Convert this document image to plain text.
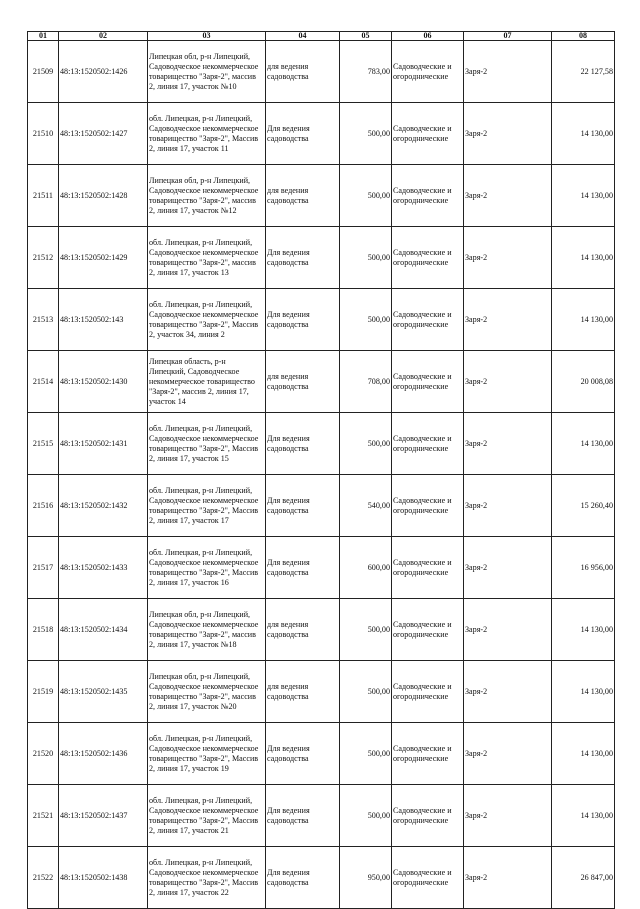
01	02	03	04	05	06	07	08
21509	48:13:1520502:1426	Липецкая обл, р-н Липецкий, Садоводческое некоммерческое товарищество "Заря-2", массив 2, линия 17, участок №10	для ведения садоводства	783,00	Садоводческие и огороднические	Заря-2	22 127,58
21510	48:13:1520502:1427	обл. Липецкая, р-н Липецкий, Садоводческое некоммерческое товарищество "Заря-2", Массив 2, линия 17, участок 11	Для ведения садоводства	500,00	Садоводческие и огороднические	Заря-2	14 130,00
21511	48:13:1520502:1428	Липецкая обл, р-н Липецкий, Садоводческое некоммерческое товарищество "Заря-2", массив 2, линия 17, участок №12	для ведения садоводства	500,00	Садоводческие и огороднические	Заря-2	14 130,00
21512	48:13:1520502:1429	обл. Липецкая, р-н Липецкий, Садоводческое некоммерческое товарищество "Заря-2", массив 2, линия 17, участок 13	Для ведения садоводства	500,00	Садоводческие и огороднические	Заря-2	14 130,00
21513	48:13:1520502:143	обл. Липецкая, р-н Липецкий, Садоводческое некоммерческое товарищество "Заря-2", Массив 2, участок 34, линия 2	Для ведения садоводства	500,00	Садоводческие и огороднические	Заря-2	14 130,00
21514	48:13:1520502:1430	Липецкая область, р-н Липецкий, Садоводческое некоммерческое товарищество "Заря-2", массив 2, линия 17, участок 14	для ведения садоводства	708,00	Садоводческие и огороднические	Заря-2	20 008,08
21515	48:13:1520502:1431	обл. Липецкая, р-н Липецкий, Садоводческое некоммерческое товарищество "Заря-2", Массив 2, линия 17, участок 15	Для ведения садоводства	500,00	Садоводческие и огороднические	Заря-2	14 130,00
21516	48:13:1520502:1432	обл. Липецкая, р-н Липецкий, Садоводческое некоммерческое товарищество "Заря-2", Массив 2, линия 17, участок 17	Для ведения садоводства	540,00	Садоводческие и огороднические	Заря-2	15 260,40
21517	48:13:1520502:1433	обл. Липецкая, р-н Липецкий, Садоводческое некоммерческое товарищество "Заря-2", Массив 2, линия 17, участок 16	Для ведения садоводства	600,00	Садоводческие и огороднические	Заря-2	16 956,00
21518	48:13:1520502:1434	Липецкая обл, р-н Липецкий, Садоводческое некоммерческое товарищество "Заря-2", массив 2, линия 17, участок №18	для ведения садоводства	500,00	Садоводческие и огороднические	Заря-2	14 130,00
21519	48:13:1520502:1435	Липецкая обл, р-н Липецкий, Садоводческое некоммерческое товарищество "Заря-2", массив 2, линия 17, участок №20	для ведения садоводства	500,00	Садоводческие и огороднические	Заря-2	14 130,00
21520	48:13:1520502:1436	обл. Липецкая, р-н Липецкий, Садоводческое некоммерческое товарищество "Заря-2", Массив 2, линия 17, участок 19	Для ведения садоводства	500,00	Садоводческие и огороднические	Заря-2	14 130,00
21521	48:13:1520502:1437	обл. Липецкая, р-н Липецкий, Садоводческое некоммерческое товарищество "Заря-2", Массив 2, линия 17, участок 21	Для ведения садоводства	500,00	Садоводческие и огороднические	Заря-2	14 130,00
21522	48:13:1520502:1438	обл. Липецкая, р-н Липецкий, Садоводческое некоммерческое товарищество "Заря-2", Массив 2, линия 17, участок 22	Для ведения садоводства	950,00	Садоводческие и огороднические	Заря-2	26 847,00
